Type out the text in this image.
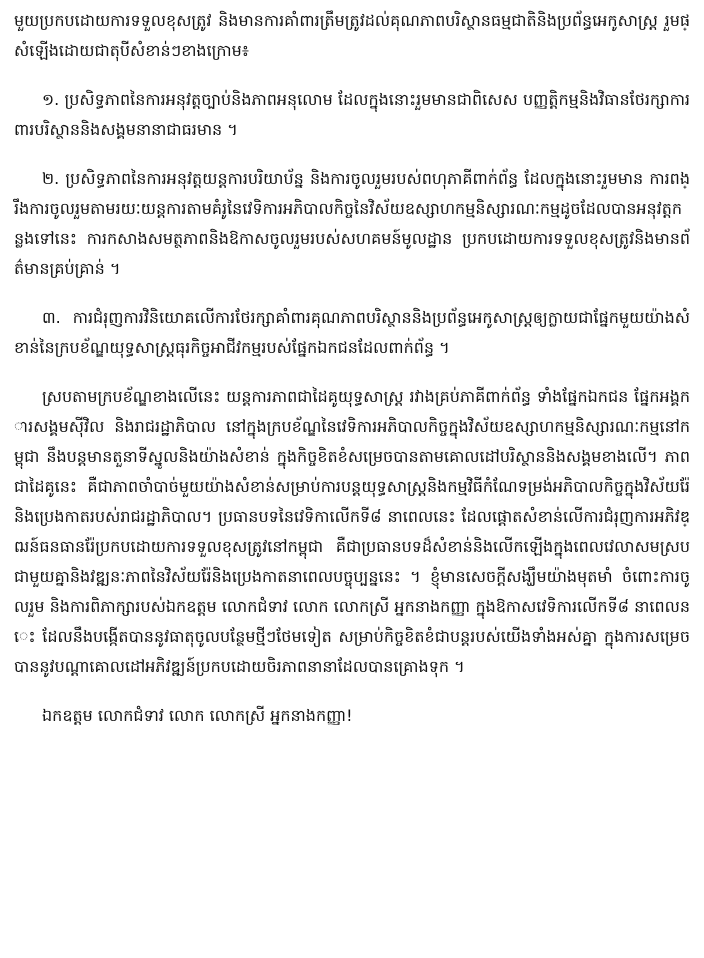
មួយប្រកបដោយការទទួលខុសត្រូវ និងមានការគាំពារត្រឹមត្រូវដល់គុណភាពបរិស្ថានធម្មជាតិនិងប្រព័ន្ធអេកូសាស្ត្រ រួមផ្សំឡើងដោយជាតុបីសំខាន់ៗខាងក្រោម៖

១. ប្រសិទ្ធភាពនៃការអនុវត្តច្បាប់និងភាពអនុលោម ដែលក្នុងនោះរួមមានជាពិសេស បញ្ញត្តិកម្មនិងវិធានថែរក្សាការពារបរិស្ថាននិងសង្គមនានាជាធរមាន ។

២. ប្រសិទ្ធភាពនៃការអនុវត្តយន្តការបរិយាប័ន្ន និងការចូលរួមរបស់ពហុភាគីពាក់ព័ន្ធ ដែលក្នុងនោះរួមមាន ការពង្រឹងការចូលរួមតាមរយៈយន្តការតាមគំរូនៃវេទិការអភិបាលកិច្ចនៃវិស័យឧស្សាហកម្មនិស្សារណៈកម្មដូចដែលបានអនុវត្តកន្លងទៅនេះ ការកសាងសមត្ថភាពនិងឱកាសចូលរួមរបស់សហគមន៍មូលដ្ឋាន ប្រកបដោយការទទួលខុសត្រូវនិងមានព័ត៌មានគ្រប់គ្រាន់ ។

៣. ការជំរុញការវិនិយោគលើការថែរក្សាគាំពារគុណភាពបរិស្ថាននិងប្រព័ន្ធអេកូសាស្ត្រឲ្យក្លាយជាផ្នែកមួយយ៉ាងសំខាន់នៃក្របខ័ណ្ឌយុទ្ធសាស្ត្រធុរកិច្ចអាជីវកម្មរបស់ផ្នែកឯកជនដែលពាក់ព័ន្ធ ។

ស្របតាមក្របខ័ណ្ឌខាងលើនេះ យន្តការភាពជាដៃគូយុទ្ធសាស្ត្រ រវាងគ្រប់ភាគីពាក់ព័ន្ធ ទាំងផ្នែកឯកជន ផ្នែកអង្គការសង្គមស៊ីវិល និងរាជរដ្ឋាភិបាល នៅក្នុងក្របខ័ណ្ឌនៃវេទិការអភិបាលកិច្ចក្នុងវិស័យឧស្សាហកម្មនិស្សារណៈកម្មនៅកម្ពុជា នឹងបន្តមានតួនាទីស្នូលនិងយ៉ាងសំខាន់ ក្នុងកិច្ចខិតខំសម្រេចបានតាមគោលដៅបរិស្ថាននិងសង្គមខាងលើ។ ភាពជាដៃគូនេះ គឺជាភាពចាំបាច់មួយយ៉ាងសំខាន់សម្រាប់ការបន្តយុទ្ធសាស្ត្រនិងកម្មវិធីកំណែទម្រង់អភិបាលកិច្ចក្នុងវិស័យរ៉ែនិងប្រេងកាតរបស់រាជរដ្ឋាភិបាល។ ប្រធានបទនៃវេទិកាលើកទី៨ នាពេលនេះ ដែលផ្តោតសំខាន់លើការជំរុញការអភិវឌ្ឍន៍ធនធានរ៉ែប្រកបដោយការទទួលខុសត្រូវនៅកម្ពុជា គឺជាប្រធានបទដ៏សំខាន់និងលើកឡើងក្នុងពេលវេលាសមស្របជាមួយគ្នានិងវឌ្ឍនៈភាពនៃវិស័យរ៉ែនិងប្រេងកាតនាពេលបច្ចុប្បន្ននេះ ។ ខ្ញុំមានសេចក្តីសង្ឃឹមយ៉ាងមុតមាំ ចំពោះការចូលរួម និងការពិភាក្សារបស់ឯកឧត្តម លោកជំទាវ លោក លោកស្រី អ្នកនាងកញ្ញា ក្នុងឱកាសវេទិការលើកទី៨ នាពេលនេះ ដែលនឹងបង្កើតបាននូវធាតុចូលបន្ថែមថ្មីៗថែមទៀត សម្រាប់កិច្ចខិតខំជាបន្តរបស់យើងទាំងអស់គ្នា ក្នុងការសម្រេចបាននូវបណ្តាគោលដៅអភិវឌ្ឍន៍ប្រកបដោយចិរភាពនានាដែលបានគ្រោងទុក ។

ឯកឧត្តម លោកជំទាវ លោក លោកស្រី អ្នកនាងកញ្ញា!
